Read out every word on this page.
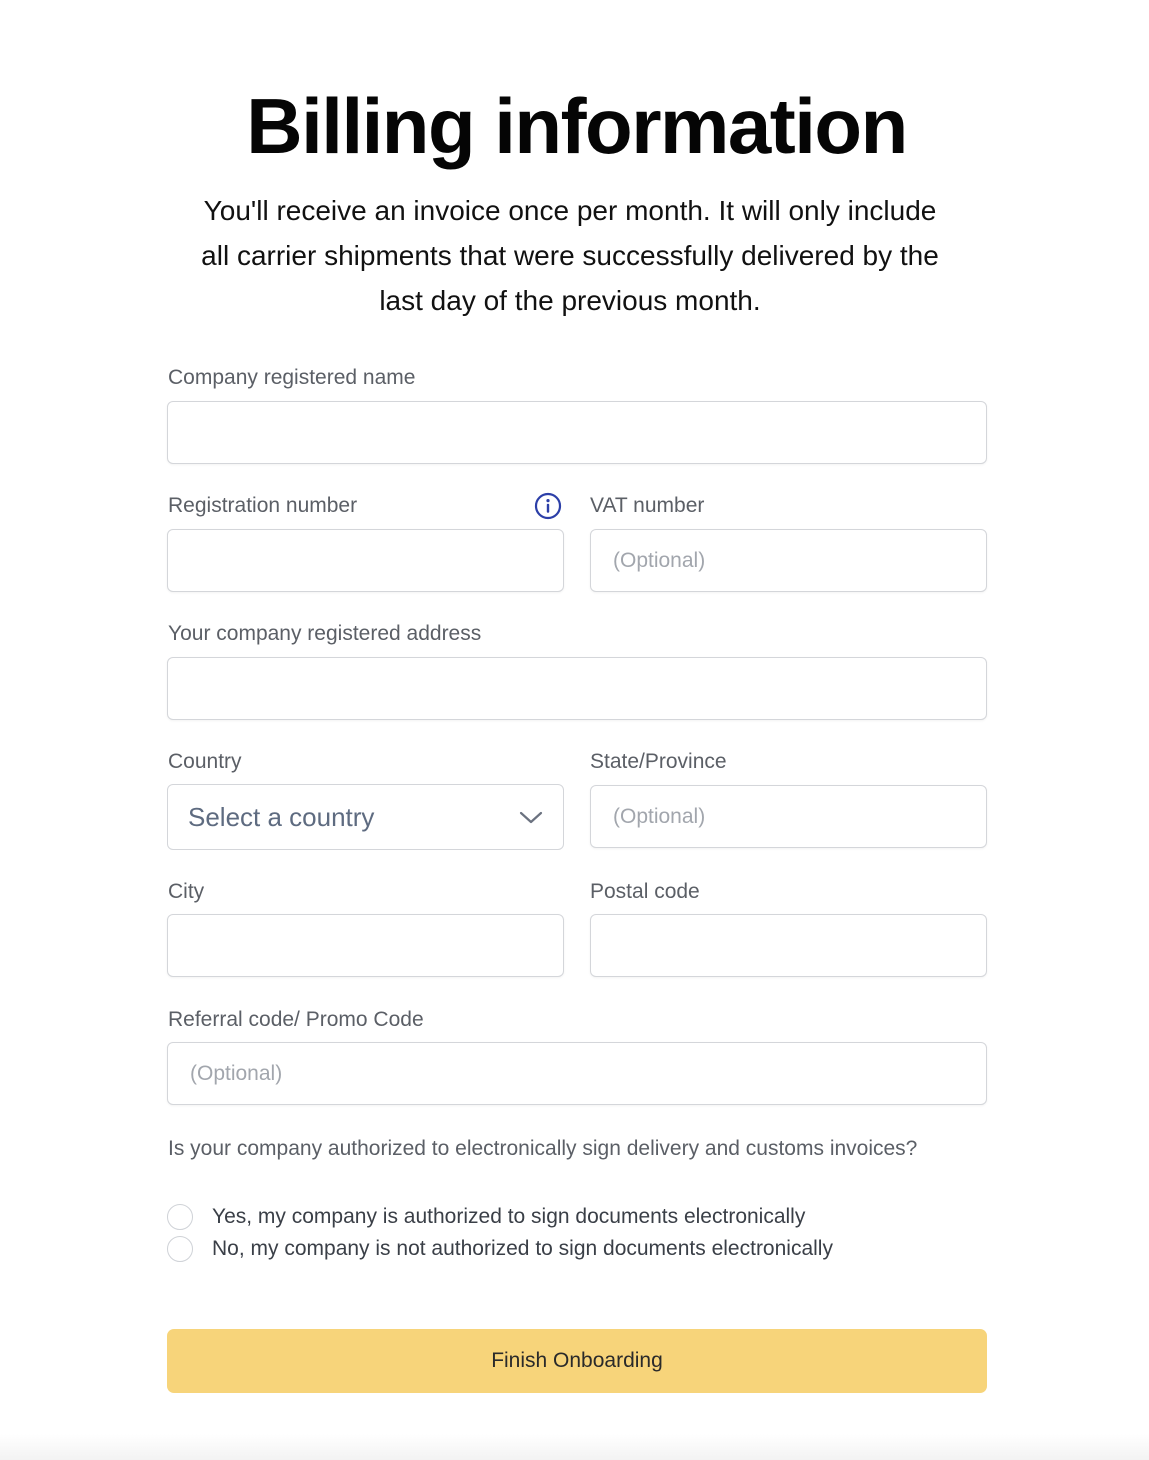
Billing information

You'll receive an invoice once per month. It will only include all carrier shipments that were successfully delivered by the last day of the previous month.

Company registered name
Registration number	VAT number
(Optional)
Your company registered address
Country
Select a country
State/Province
(Optional)
City	Postal code
Referral code/ Promo Code
(Optional)

Is your company authorized to electronically sign delivery and customs invoices?

Yes, my company is authorized to sign documents electronically
No, my company is not authorized to sign documents electronically
Finish Onboarding
